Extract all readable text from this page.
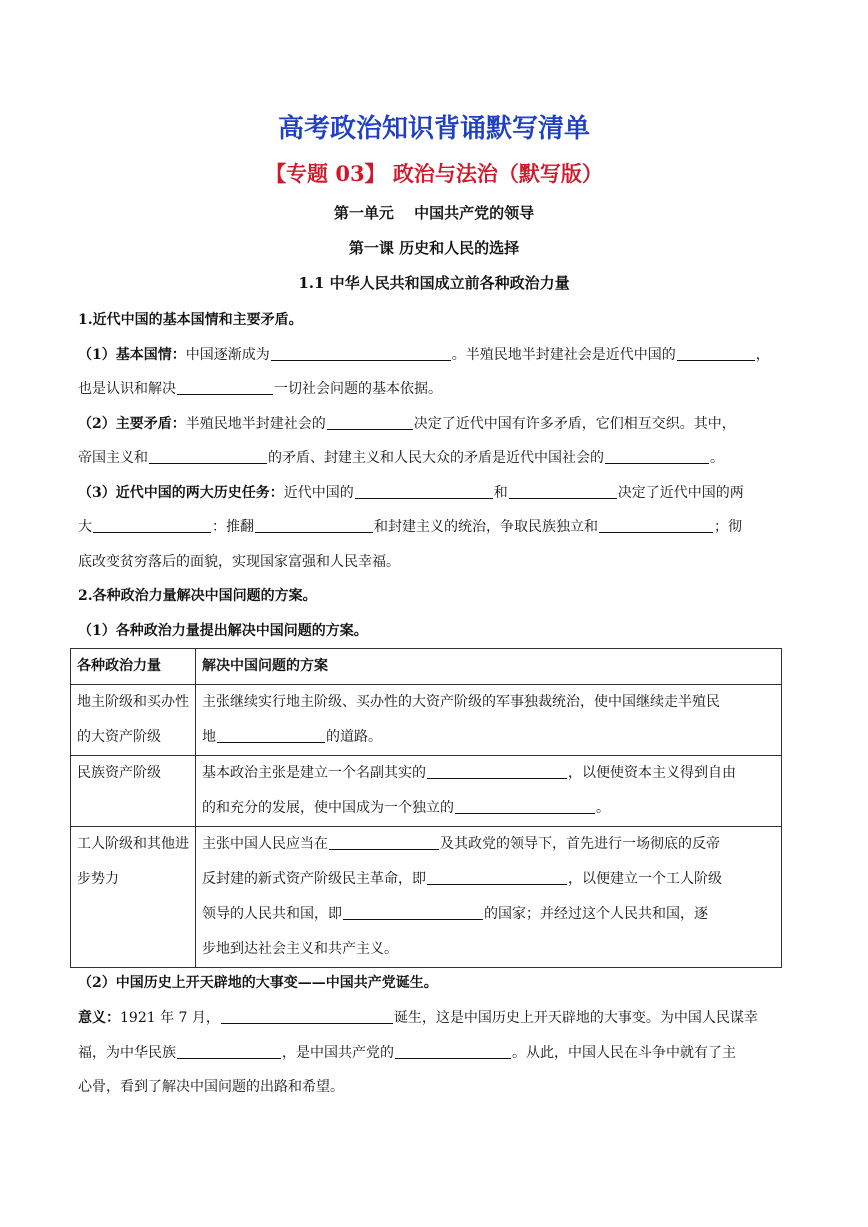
高考政治知识背诵默写清单
【专题 03】 政治与法治（默写版）
第一单元　 中国共产党的领导
第一课 历史和人民的选择
1.1 中华人民共和国成立前各种政治力量
1.近代中国的基本国情和主要矛盾。
（1）基本国情：中国逐渐成为	。半殖民地半封建社会是近代中国的	，
也是认识和解决	一切社会问题的基本依据。
（2）主要矛盾：半殖民地半封建社会的	决定了近代中国有许多矛盾，它们相互交织。其中，
帝国主义和	的矛盾、封建主义和人民大众的矛盾是近代中国社会的	。
（3）近代中国的两大历史任务：近代中国的	和	决定了近代中国的两
大	：推翻	和封建主义的统治，争取民族独立和	；彻
底改变贫穷落后的面貌，实现国家富强和人民幸福。
2.各种政治力量解决中国问题的方案。
（1）各种政治力量提出解决中国问题的方案。
各种政治力量	解决中国问题的方案
地主阶级和买办性的大资产阶级	主张继续实行地主阶级、买办性的大资产阶级的军事独裁统治，使中国继续走半殖民
地 的道路。
民族资产阶级	基本政治主张是建立一个名副其实的 ，以便使资本主义得到自由
的和充分的发展，使中国成为一个独立的 。
工人阶级和其他进步势力	主张中国人民应当在 及其政党的领导下，首先进行一场彻底的反帝
反封建的新式资产阶级民主革命，即 ，以便建立一个工人阶级
领导的人民共和国，即 的国家；并经过这个人民共和国，逐
步地到达社会主义和共产主义。
（2）中国历史上开天辟地的大事变——中国共产党诞生。
意义：1921 年 7 月，	诞生，这是中国历史上开天辟地的大事变。为中国人民谋幸
福，为中华民族	，是中国共产党的	。从此，中国人民在斗争中就有了主
心骨，看到了解决中国问题的出路和希望。
